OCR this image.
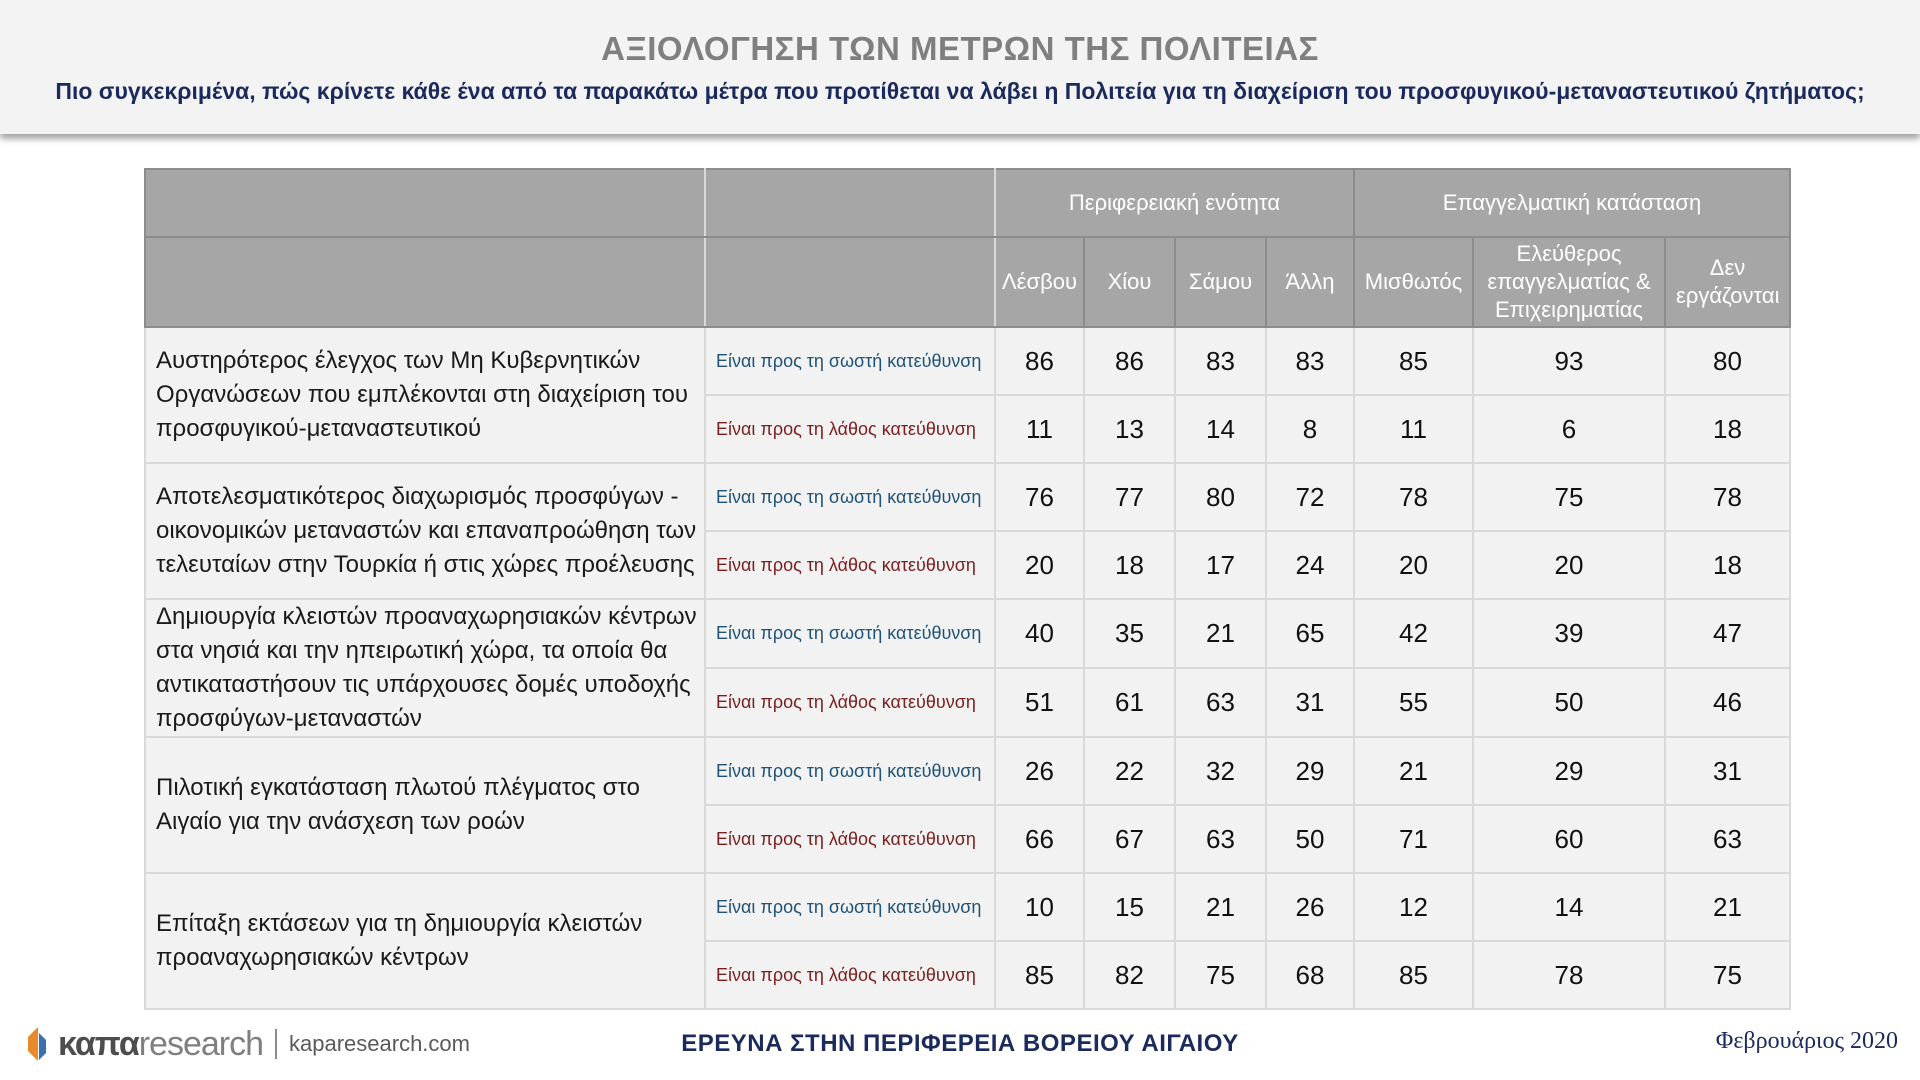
ΑΞΙΟΛΟΓΗΣΗ ΤΩΝ ΜΕΤΡΩΝ ΤΗΣ ΠΟΛΙΤΕΙΑΣ
Πιο συγκεκριμένα, πώς κρίνετε κάθε ένα από τα παρακάτω μέτρα που προτίθεται να λάβει η Πολιτεία για τη διαχείριση του προσφυγικού-μεταναστευτικού ζητήματος;
		Περιφερειακή ενότητα				Επαγγελματική κατάσταση		
		Λέσβου	Χίου	Σάμου	Άλλη	Μισθωτός	Ελεύθερος επαγγελματίας & Επιχειρηματίας	Δεν εργάζονται
Αυστηρότερος έλεγχος των Μη Κυβερνητικών Οργανώσεων που εμπλέκονται στη διαχείριση του προσφυγικού-μεταναστευτικού	Είναι προς τη σωστή κατεύθυνση	86	86	83	83	85	93	80
	Είναι προς τη λάθος κατεύθυνση	11	13	14	8	11	6	18
Αποτελεσματικότερος διαχωρισμός προσφύγων - οικονομικών μεταναστών και επαναπροώθηση των τελευταίων στην Τουρκία ή στις χώρες προέλευσης	Είναι προς τη σωστή κατεύθυνση	76	77	80	72	78	75	78
	Είναι προς τη λάθος κατεύθυνση	20	18	17	24	20	20	18
Δημιουργία κλειστών προαναχωρησιακών κέντρων στα νησιά και την ηπειρωτική χώρα, τα οποία θα αντικαταστήσουν τις υπάρχουσες δομές υποδοχής προσφύγων-μεταναστών	Είναι προς τη σωστή κατεύθυνση	40	35	21	65	42	39	47
	Είναι προς τη λάθος κατεύθυνση	51	61	63	31	55	50	46
Πιλοτική εγκατάσταση πλωτού πλέγματος στο Αιγαίο για την ανάσχεση των ροών	Είναι προς τη σωστή κατεύθυνση	26	22	32	29	21	29	31
	Είναι προς τη λάθος κατεύθυνση	66	67	63	50	71	60	63
Επίταξη εκτάσεων για τη δημιουργία κλειστών προαναχωρησιακών κέντρων	Είναι προς τη σωστή κατεύθυνση	10	15	21	26	12	14	21
	Είναι προς τη λάθος κατεύθυνση	85	82	75	68	85	78	75
καπα research kaparesearch.com	ΕΡΕΥΝΑ ΣΤΗΝ ΠΕΡΙΦΕΡΕΙΑ ΒΟΡΕΙΟΥ ΑΙΓΑΙΟΥ	Φεβρουάριος 2020
